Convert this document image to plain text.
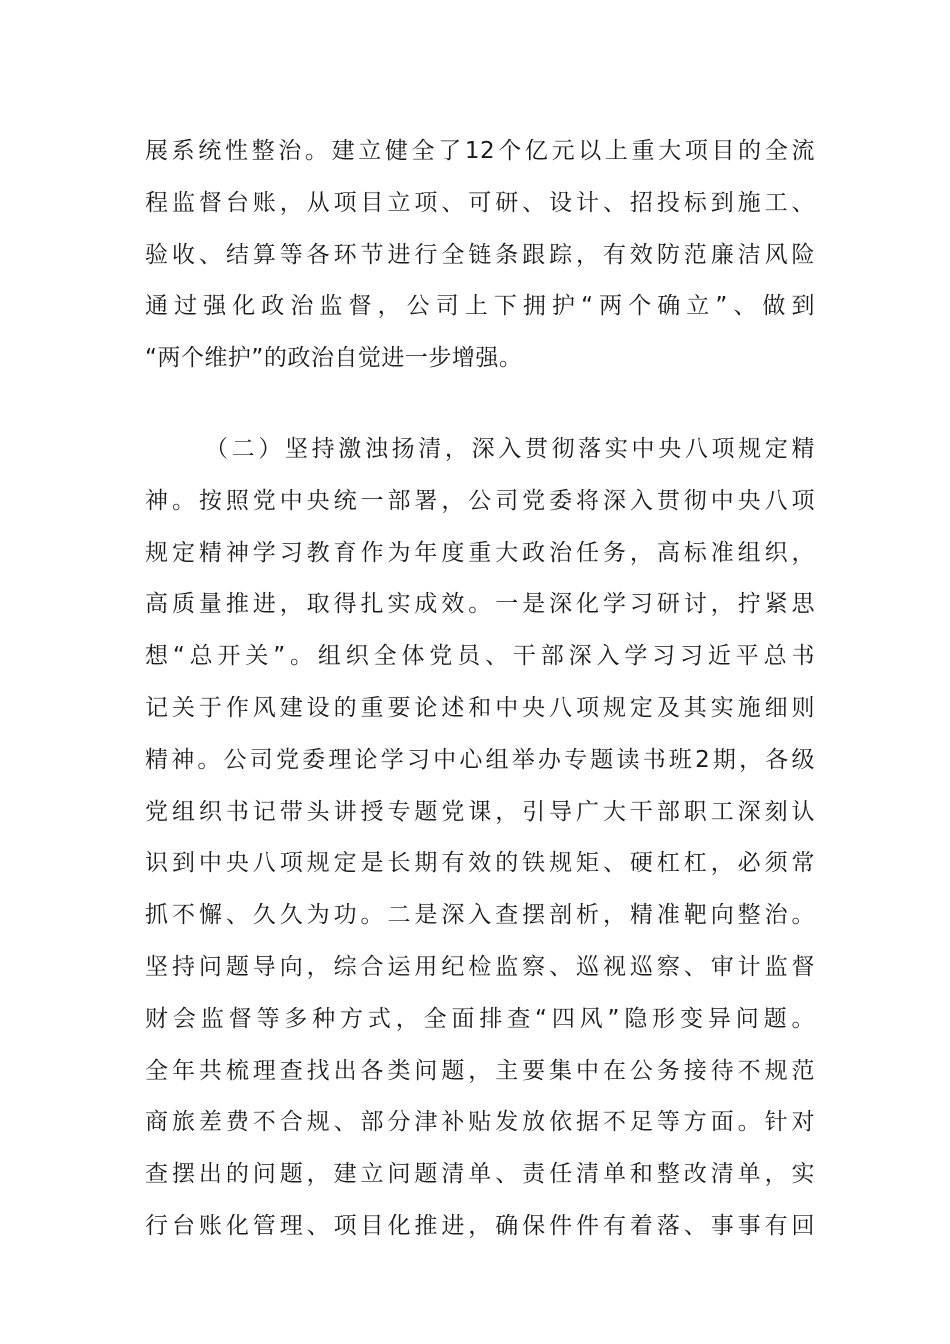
展系统性整治。建立健全了12个亿元以上重大项目的全流
程监督台账，从项目立项、可研、设计、招投标到施工、
验收、结算等各环节进行全链条跟踪，有效防范廉洁风险
通过强化政治监督，公司上下拥护“两个确立”、做到
“两个维护”的政治自觉进一步增强。
（二）坚持激浊扬清，深入贯彻落实中央八项规定精
神。按照党中央统一部署，公司党委将深入贯彻中央八项
规定精神学习教育作为年度重大政治任务，高标准组织，
高质量推进，取得扎实成效。一是深化学习研讨，拧紧思
想“总开关”。组织全体党员、干部深入学习习近平总书
记关于作风建设的重要论述和中央八项规定及其实施细则
精神。公司党委理论学习中心组举办专题读书班2期，各级
党组织书记带头讲授专题党课，引导广大干部职工深刻认
识到中央八项规定是长期有效的铁规矩、硬杠杠，必须常
抓不懈、久久为功。二是深入查摆剖析，精准靶向整治。
坚持问题导向，综合运用纪检监察、巡视巡察、审计监督
财会监督等多种方式，全面排查“四风”隐形变异问题。
全年共梳理查找出各类问题，主要集中在公务接待不规范
商旅差费不合规、部分津补贴发放依据不足等方面。针对
查摆出的问题，建立问题清单、责任清单和整改清单，实
行台账化管理、项目化推进，确保件件有着落、事事有回
